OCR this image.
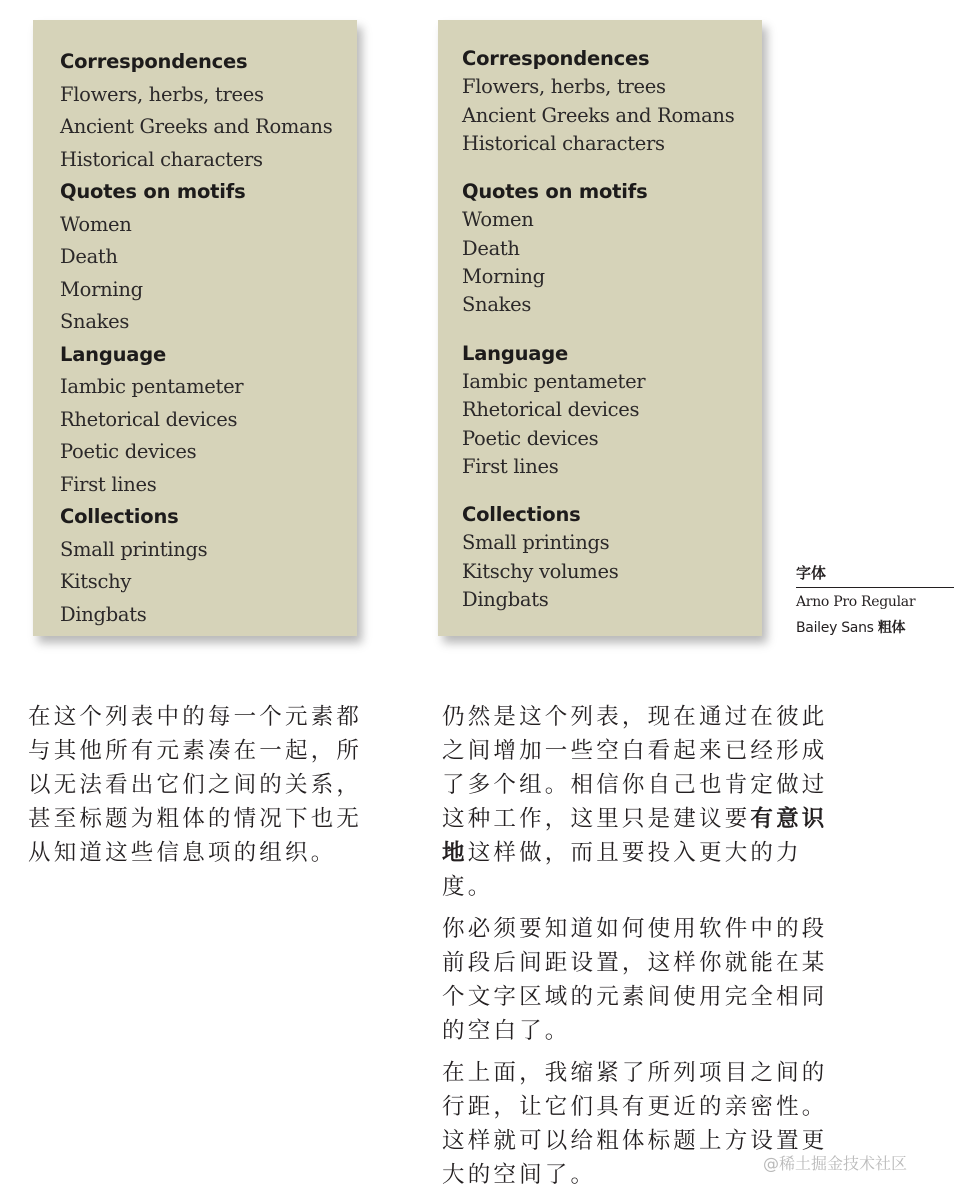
Correspondences
Flowers, herbs, trees
Ancient Greeks and Romans
Historical characters
Quotes on motifs
Women
Death
Morning
Snakes
Language
Iambic pentameter
Rhetorical devices
Poetic devices
First lines
Collections
Small printings
Kitschy
Dingbats
Correspondences
Flowers, herbs, trees
Ancient Greeks and Romans
Historical characters
Quotes on motifs
Women
Death
Morning
Snakes
Language
Iambic pentameter
Rhetorical devices
Poetic devices
First lines
Collections
Small printings
Kitschy volumes
Dingbats
字体
Arno Pro Regular
Bailey Sans 粗体

在这个列表中的每一个元素都与其他所有元素凑在一起，所以无法看出它们之间的关系，甚至标题为粗体的情况下也无从知道这些信息项的组织。

仍然是这个列表，现在通过在彼此之间增加一些空白看起来已经形成了多个组。相信你自己也肯定做过这种工作，这里只是建议要有意识地这样做，而且要投入更大的力度。

你必须要知道如何使用软件中的段前段后间距设置，这样你就能在某个文字区域的元素间使用完全相同的空白了。

在上面，我缩紧了所列项目之间的行距，让它们具有更近的亲密性。这样就可以给粗体标题上方设置更大的空间了。	@稀土掘金技术社区
